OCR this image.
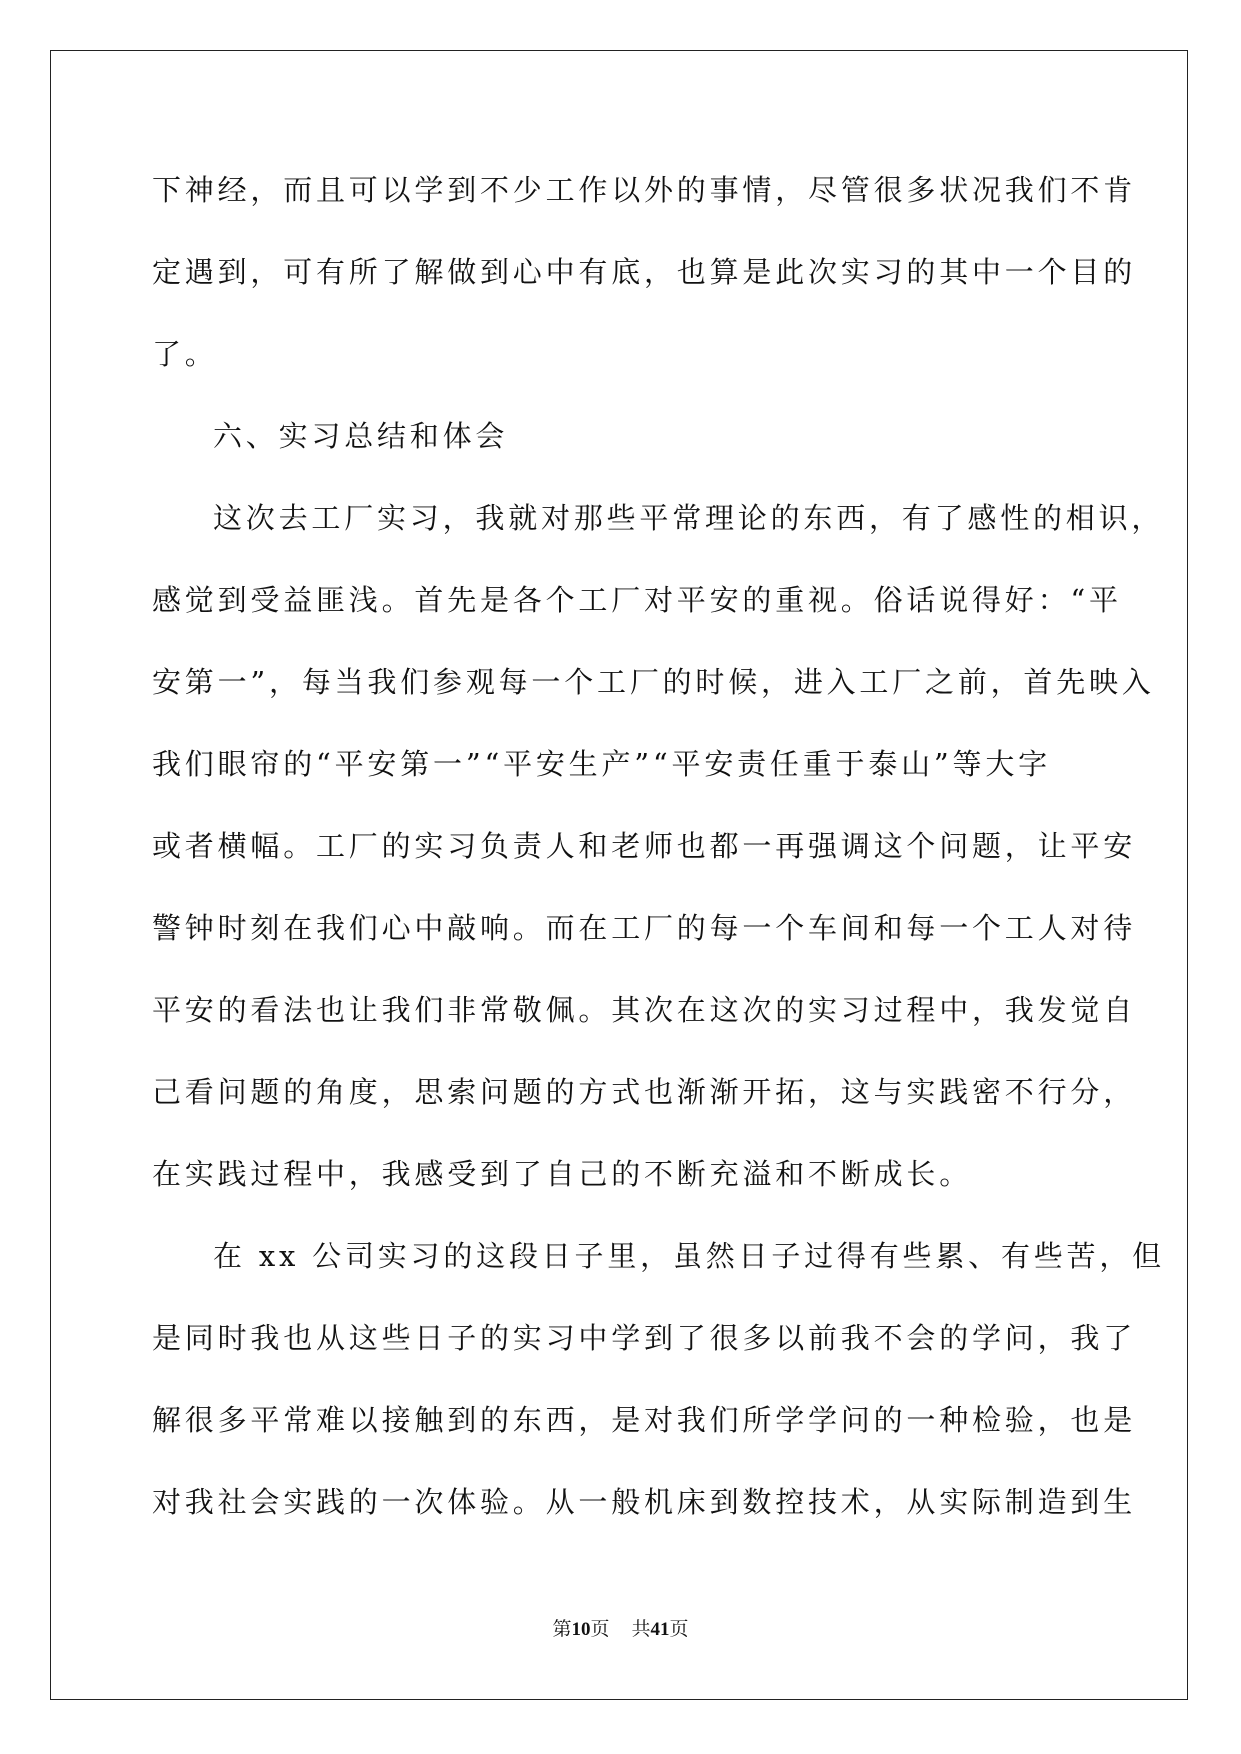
下神经，而且可以学到不少工作以外的事情，尽管很多状况我们不肯
定遇到，可有所了解做到心中有底，也算是此次实习的其中一个目的
了。
六、实习总结和体会
这次去工厂实习，我就对那些平常理论的东西，有了感性的相识，
感觉到受益匪浅。首先是各个工厂对平安的重视。俗话说得好：“平
安第一”，每当我们参观每一个工厂的时候，进入工厂之前，首先映入
我们眼帘的“平安第一”“平安生产”“平安责任重于泰山”等大字
或者横幅。工厂的实习负责人和老师也都一再强调这个问题，让平安
警钟时刻在我们心中敲响。而在工厂的每一个车间和每一个工人对待
平安的看法也让我们非常敬佩。其次在这次的实习过程中，我发觉自
己看问题的角度，思索问题的方式也渐渐开拓，这与实践密不行分，
在实践过程中，我感受到了自己的不断充溢和不断成长。
在 xx 公司实习的这段日子里，虽然日子过得有些累、有些苦，但
是同时我也从这些日子的实习中学到了很多以前我不会的学问，我了
解很多平常难以接触到的东西，是对我们所学学问的一种检验，也是
对我社会实践的一次体验。从一般机床到数控技术，从实际制造到生
第10页 共41页
